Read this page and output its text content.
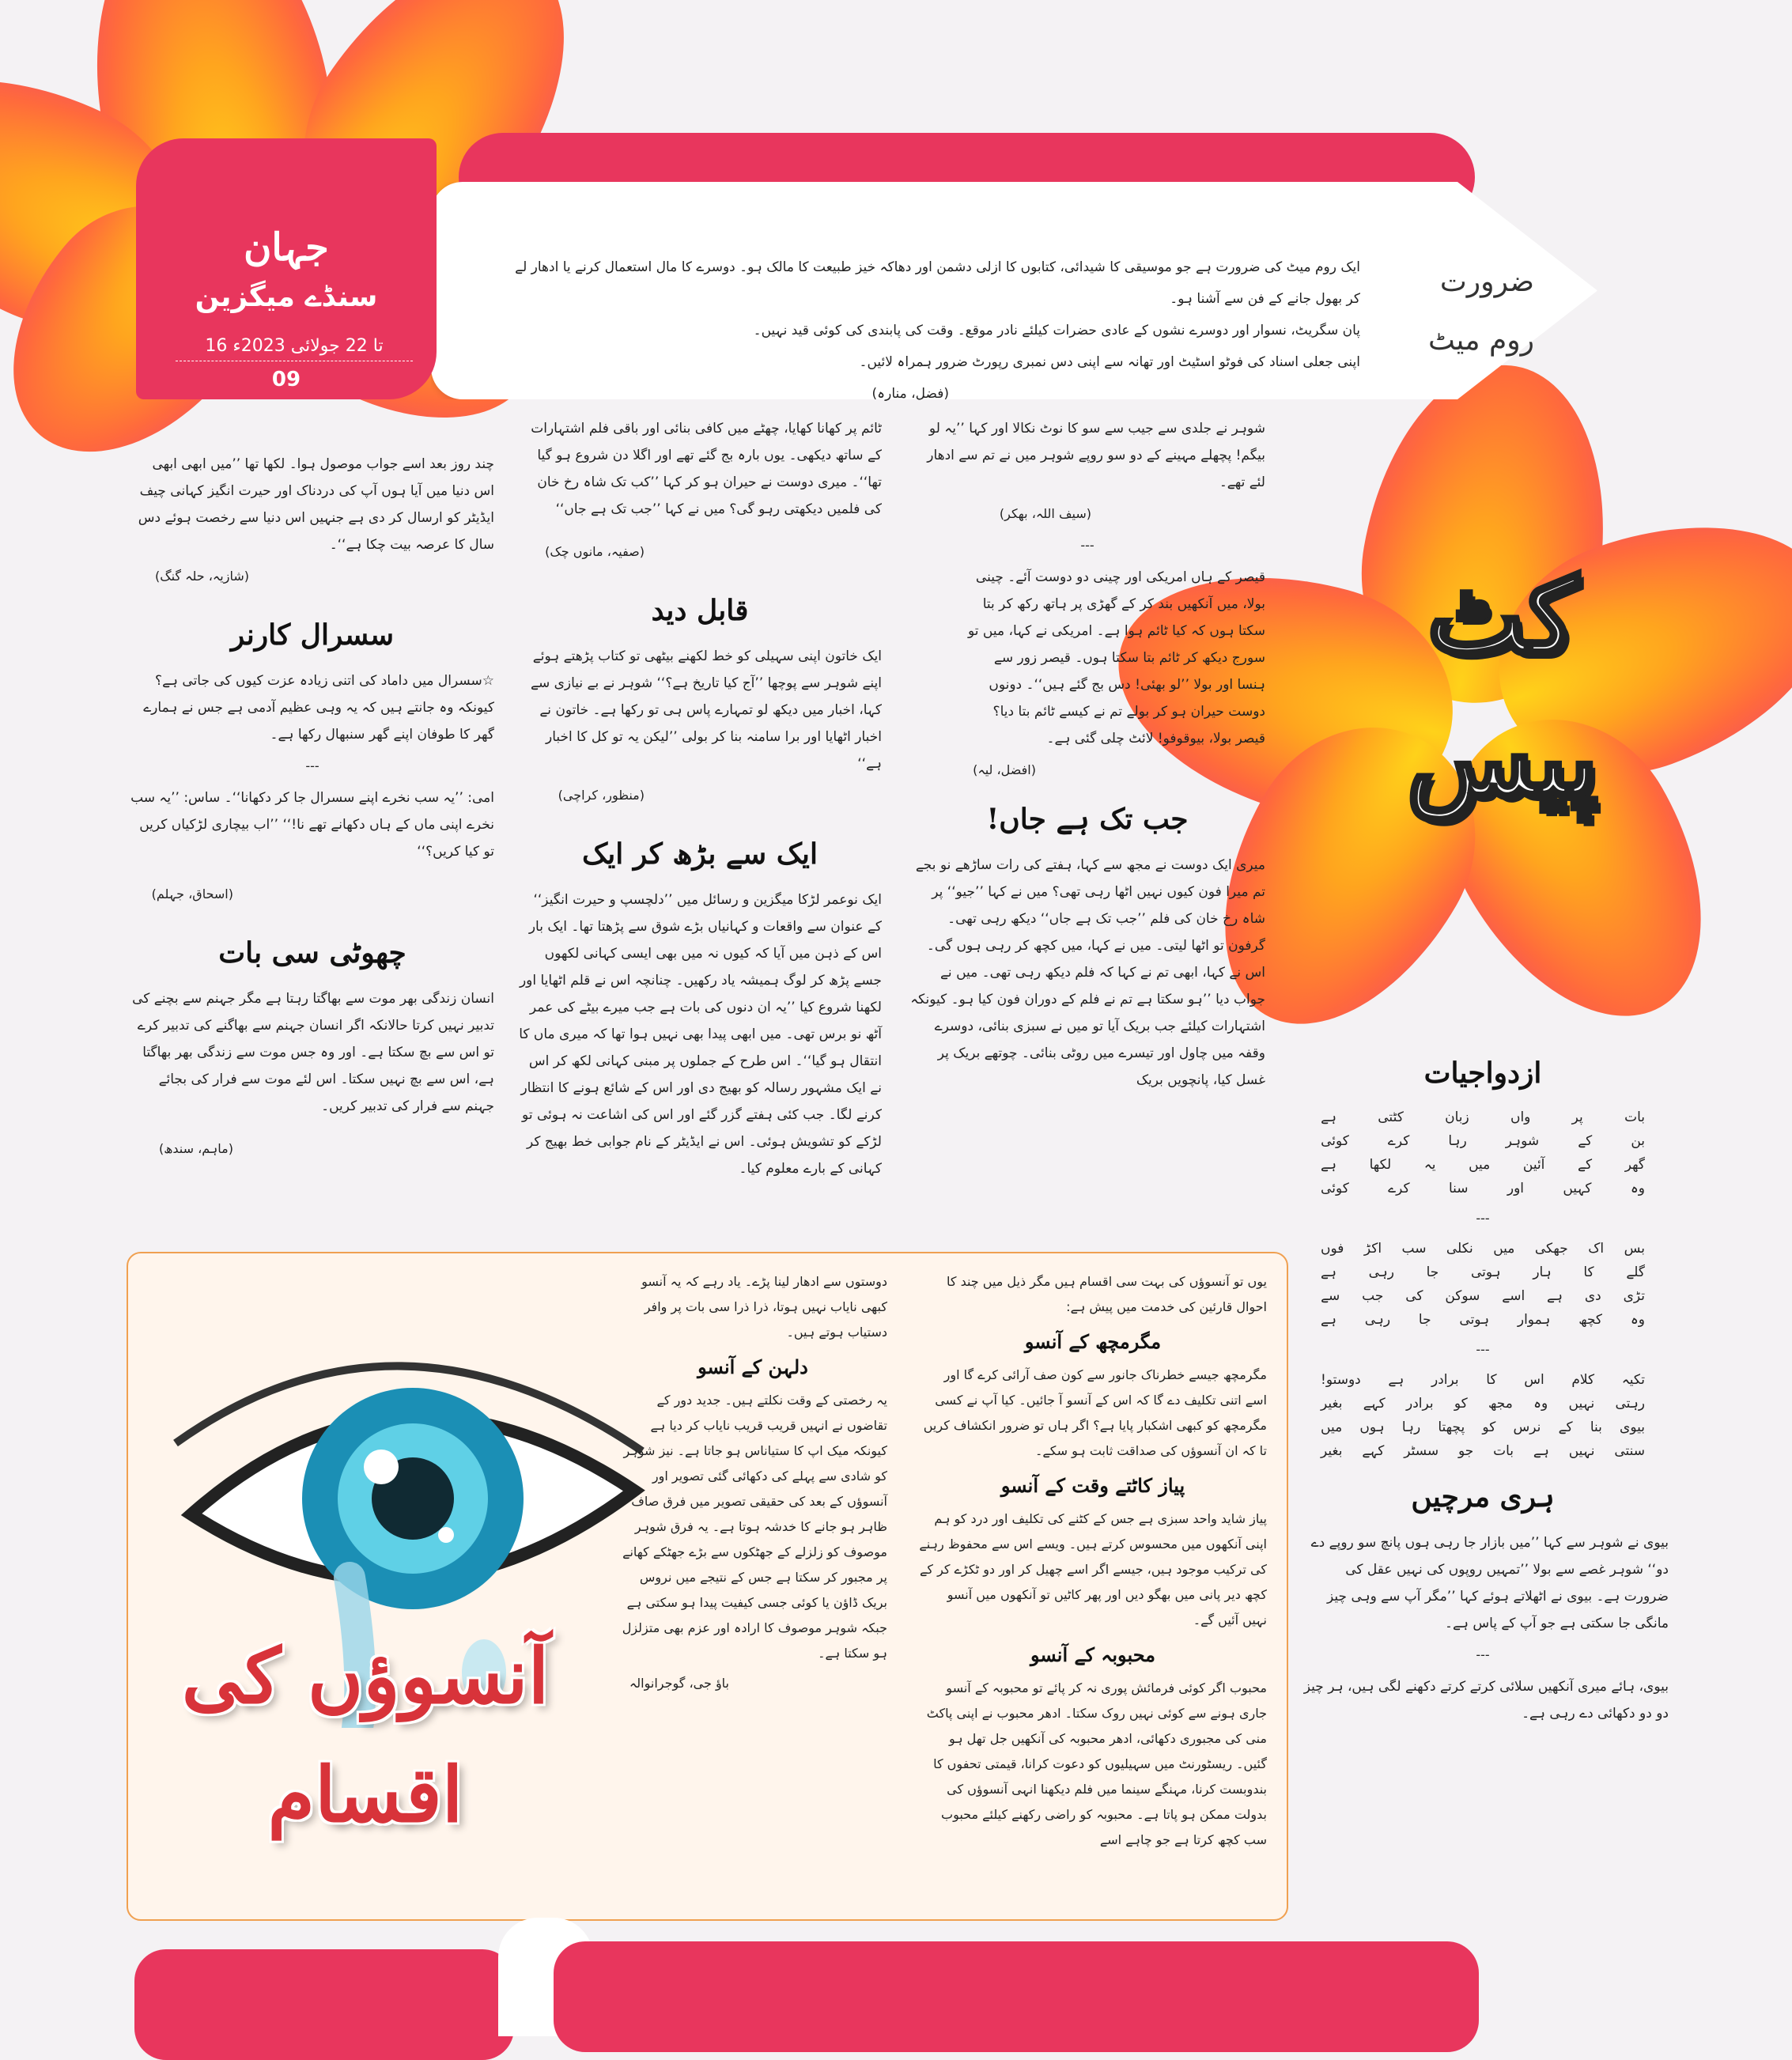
جہان
سنڈے میگزین
16 تا 22 جولائی 2023ء
09
ضرورت
روم میٹ
ایک روم میٹ کی ضرورت ہے جو موسیقی کا شیدائی، کتابوں کا ازلی دشمن اور دھاکہ خیز طبیعت کا مالک ہو۔ دوسرے کا مال استعمال کرنے یا ادھار لے کر بھول جانے کے فن سے آشنا ہو۔
پان سگریٹ، نسوار اور دوسرے نشوں کے عادی حضرات کیلئے نادر موقع۔ وقت کی پابندی کی کوئی قید نہیں۔
اپنی جعلی اسناد کی فوٹو اسٹیٹ اور تھانہ سے اپنی دس نمبری رپورٹ ضرور ہمراہ لائیں۔
(فضل، منارہ)
کٹ
پیس

شوہر نے جلدی سے جیب سے سو کا نوٹ نکالا اور کہا ’’یہ لو بیگم! پچھلے مہینے کے دو سو روپے شوہر میں نے تم سے ادھار لئے تھے۔

(سیف اللہ، بھکر)

---

قیصر کے ہاں امریکی اور چینی دو دوست آئے۔ چینی بولا، میں آنکھیں بند کر کے گھڑی پر ہاتھ رکھ کر بتا سکتا ہوں کہ کیا ٹائم ہوا ہے۔ امریکی نے کہا، میں تو سورج دیکھ کر ٹائم بتا سکتا ہوں۔ قیصر زور سے ہنسا اور بولا ’’لو بھئی! دس بج گئے ہیں‘‘۔ دونوں دوست حیران ہو کر بولے تم نے کیسے ٹائم بتا دیا؟ قیصر بولا، بیوقوفو! لائٹ چلی گئی ہے۔

(افضل، لیہ)

جب تک ہے جاں!

میری ایک دوست نے مجھ سے کہا، ہفتے کی رات ساڑھے نو بجے تم میرا فون کیوں نہیں اٹھا رہی تھی؟ میں نے کہا ’’جیو‘‘ پر شاہ رخ خان کی فلم ’’جب تک ہے جاں‘‘ دیکھ رہی تھی۔ گرفون تو اٹھا لیتی۔ میں نے کہا، میں کچھ کر رہی ہوں گی۔ اس نے کہا، ابھی تم نے کہا کہ فلم دیکھ رہی تھی۔ میں نے جواب دیا ’’ہو سکتا ہے تم نے فلم کے دوران فون کیا ہو۔ کیونکہ اشتہارات کیلئے جب بریک آیا تو میں نے سبزی بنائی، دوسرے وقفہ میں چاول اور تیسرے میں روٹی بنائی۔ چوتھے بریک پر غسل کیا، پانچویں بریک

ٹائم پر کھانا کھایا، چھٹے میں کافی بنائی اور باقی فلم اشتہارات کے ساتھ دیکھی۔ یوں بارہ بج گئے تھے اور اگلا دن شروع ہو گیا تھا‘‘۔ میری دوست نے حیران ہو کر کہا ’’کب تک شاہ رخ خان کی فلمیں دیکھتی رہو گی؟ میں نے کہا ’’جب تک ہے جاں‘‘

(صفیہ، مانوں چک)

قابل دید

ایک خاتون اپنی سہیلی کو خط لکھنے بیٹھی تو کتاب پڑھتے ہوئے اپنے شوہر سے پوچھا ’’آج کیا تاریخ ہے؟‘‘ شوہر نے بے نیازی سے کہا، اخبار میں دیکھ لو تمہارے پاس ہی تو رکھا ہے۔ خاتون نے اخبار اٹھایا اور برا سامنہ بنا کر بولی ’’لیکن یہ تو کل کا اخبار ہے‘‘

(منظور، کراچی)

ایک سے بڑھ کر ایک

ایک نوعمر لڑکا میگزین و رسائل میں ’’دلچسپ و حیرت انگیز‘‘ کے عنوان سے واقعات و کہانیاں بڑے شوق سے پڑھتا تھا۔ ایک بار اس کے ذہن میں آیا کہ کیوں نہ میں بھی ایسی کہانی لکھوں جسے پڑھ کر لوگ ہمیشہ یاد رکھیں۔ چنانچہ اس نے قلم اٹھایا اور لکھنا شروع کیا ’’یہ ان دنوں کی بات ہے جب میرے بیٹے کی عمر آٹھ نو برس تھی۔ میں ابھی پیدا بھی نہیں ہوا تھا کہ میری ماں کا انتقال ہو گیا‘‘۔ اس طرح کے جملوں پر مبنی کہانی لکھ کر اس نے ایک مشہور رسالہ کو بھیج دی اور اس کے شائع ہونے کا انتظار کرنے لگا۔ جب کئی ہفتے گزر گئے اور اس کی اشاعت نہ ہوئی تو لڑکے کو تشویش ہوئی۔ اس نے ایڈیٹر کے نام جوابی خط بھیج کر کہانی کے بارے معلوم کیا۔

چند روز بعد اسے جواب موصول ہوا۔ لکھا تھا ’’میں ابھی ابھی اس دنیا میں آیا ہوں آپ کی دردناک اور حیرت انگیز کہانی چیف ایڈیٹر کو ارسال کر دی ہے جنہیں اس دنیا سے رخصت ہوئے دس سال کا عرصہ بیت چکا ہے‘‘۔

(شازیہ، حلہ گنگ)

سسرال کارنر

☆سسرال میں داماد کی اتنی زیادہ عزت کیوں کی جاتی ہے؟ کیونکہ وہ جانتے ہیں کہ یہ وہی عظیم آدمی ہے جس نے ہمارے گھر کا طوفان اپنے گھر سنبھال رکھا ہے۔

---

امی: ’’یہ سب نخرے اپنے سسرال جا کر دکھانا‘‘۔ ساس: ’’یہ سب نخرے اپنی ماں کے ہاں دکھانے تھے نا!‘‘ ’’اب بیچاری لڑکیاں کریں تو کیا کریں؟‘‘

(اسحاق، جہلم)

چھوٹی سی بات

انسان زندگی بھر موت سے بھاگتا رہتا ہے مگر جہنم سے بچنے کی تدبیر نہیں کرتا حالانکہ اگر انسان جہنم سے بھاگنے کی تدبیر کرے تو اس سے بچ سکتا ہے۔ اور وہ جس موت سے زندگی بھر بھاگتا ہے، اس سے بچ نہیں سکتا۔ اس لئے موت سے فرار کی بجائے جہنم سے فرار کی تدبیر کریں۔

(ماہم، سندھ)

ازدواجیات
بات
پر
واں
زبان
کٹتی
ہے
بن
کے
شوہر
رہا
کرے
کوئی
گھر
کے
آئین
میں
یہ
لکھا
ہے
وہ
کہیں
اور
سنا
کرے
کوئی
---
بس
اک
جھکی
میں
نکلی
سب
اکڑ
فوں
گلے
کا
ہار
ہوتی
جا
رہی
ہے
تڑی
دی
ہے
اسے
سوکن
کی
جب
سے
وہ
کچھ
ہموار
ہوتی
جا
رہی
ہے
---
تکیہ
کلام
اس
کا
برادر
ہے
دوستو!
رہتی
نہیں
وہ
مجھ
کو
برادر
کہے
بغیر
بیوی
بنا
کے
نرس
کو
پچھتا
رہا
ہوں
میں
سنتی
نہیں
ہے
بات
جو
سسٹر
کہے
بغیر
ہری مرچیں

بیوی نے شوہر سے کہا ’’میں بازار جا رہی ہوں پانچ سو روپے دے دو‘‘ شوہر غصے سے بولا ’’تمہیں روپوں کی نہیں عقل کی ضرورت ہے۔ بیوی نے اٹھلاتے ہوئے کہا ’’مگر آپ سے وہی چیز مانگی جا سکتی ہے جو آپ کے پاس ہے۔

---

بیوی، ہائے میری آنکھیں سلائی کرتے کرتے دکھنے لگی ہیں، ہر چیز دو دو دکھائی دے رہی ہے۔

آنسوؤں کی
اقسام

یوں تو آنسوؤں کی بہت سی اقسام ہیں مگر ذیل میں چند کا احوال قارئین کی خدمت میں پیش ہے:

مگرمچھ کے آنسو

مگرمچھ جیسے خطرناک جانور سے کون صف آرائی کرے گا اور اسے اتنی تکلیف دے گا کہ اس کے آنسو آ جائیں۔ کیا آپ نے کسی مگرمچھ کو کبھی اشکبار پایا ہے؟ اگر ہاں تو ضرور انکشاف کریں تا کہ ان آنسوؤں کی صداقت ثابت ہو سکے۔

پیاز کاٹتے وقت کے آنسو

پیاز شاید واحد سبزی ہے جس کے کٹنے کی تکلیف اور درد کو ہم اپنی آنکھوں میں محسوس کرتے ہیں۔ ویسے اس سے محفوظ رہنے کی ترکیب موجود ہیں، جیسے اگر اسے چھیل کر اور دو ٹکڑے کر کے کچھ دیر پانی میں بھگو دیں اور پھر کاٹیں تو آنکھوں میں آنسو نہیں آئیں گے۔

محبوبہ کے آنسو

محبوب اگر کوئی فرمائش پوری نہ کر پائے تو محبوبہ کے آنسو جاری ہونے سے کوئی نہیں روک سکتا۔ ادھر محبوب نے اپنی پاکٹ منی کی مجبوری دکھائی، ادھر محبوبہ کی آنکھیں جل تھل ہو گئیں۔ ریسٹورنٹ میں سہیلیوں کو دعوت کرانا، قیمتی تحفوں کا بندوبست کرنا، مہنگے سینما میں فلم دیکھنا انہی آنسوؤں کی بدولت ممکن ہو پاتا ہے۔ محبوبہ کو راضی رکھنے کیلئے محبوب سب کچھ کرتا ہے جو چاہے اسے

دوستوں سے ادھار لینا پڑے۔ یاد رہے کہ یہ آنسو کبھی نایاب نہیں ہوتا، ذرا ذرا سی بات پر وافر دستیاب ہوتے ہیں۔

دلہن کے آنسو

یہ رخصتی کے وقت نکلتے ہیں۔ جدید دور کے تقاضوں نے انہیں قریب قریب نایاب کر دیا ہے کیونکہ میک اپ کا ستیاناس ہو جاتا ہے۔ نیز شوہر کو شادی سے پہلے کی دکھائی گئی تصویر اور آنسوؤں کے بعد کی حقیقی تصویر میں فرق صاف ظاہر ہو جانے کا خدشہ ہوتا ہے۔ یہ فرق شوہر موصوف کو زلزلے کے جھٹکوں سے بڑے جھٹکے کھانے پر مجبور کر سکتا ہے جس کے نتیجے میں نروس بریک ڈاؤن یا کوئی جسی کیفیت پیدا ہو سکتی ہے جبکہ شوہر موصوف کا ارادہ اور عزم بھی متزلزل ہو سکتا ہے۔

باؤ جی، گوجرانوالہ
